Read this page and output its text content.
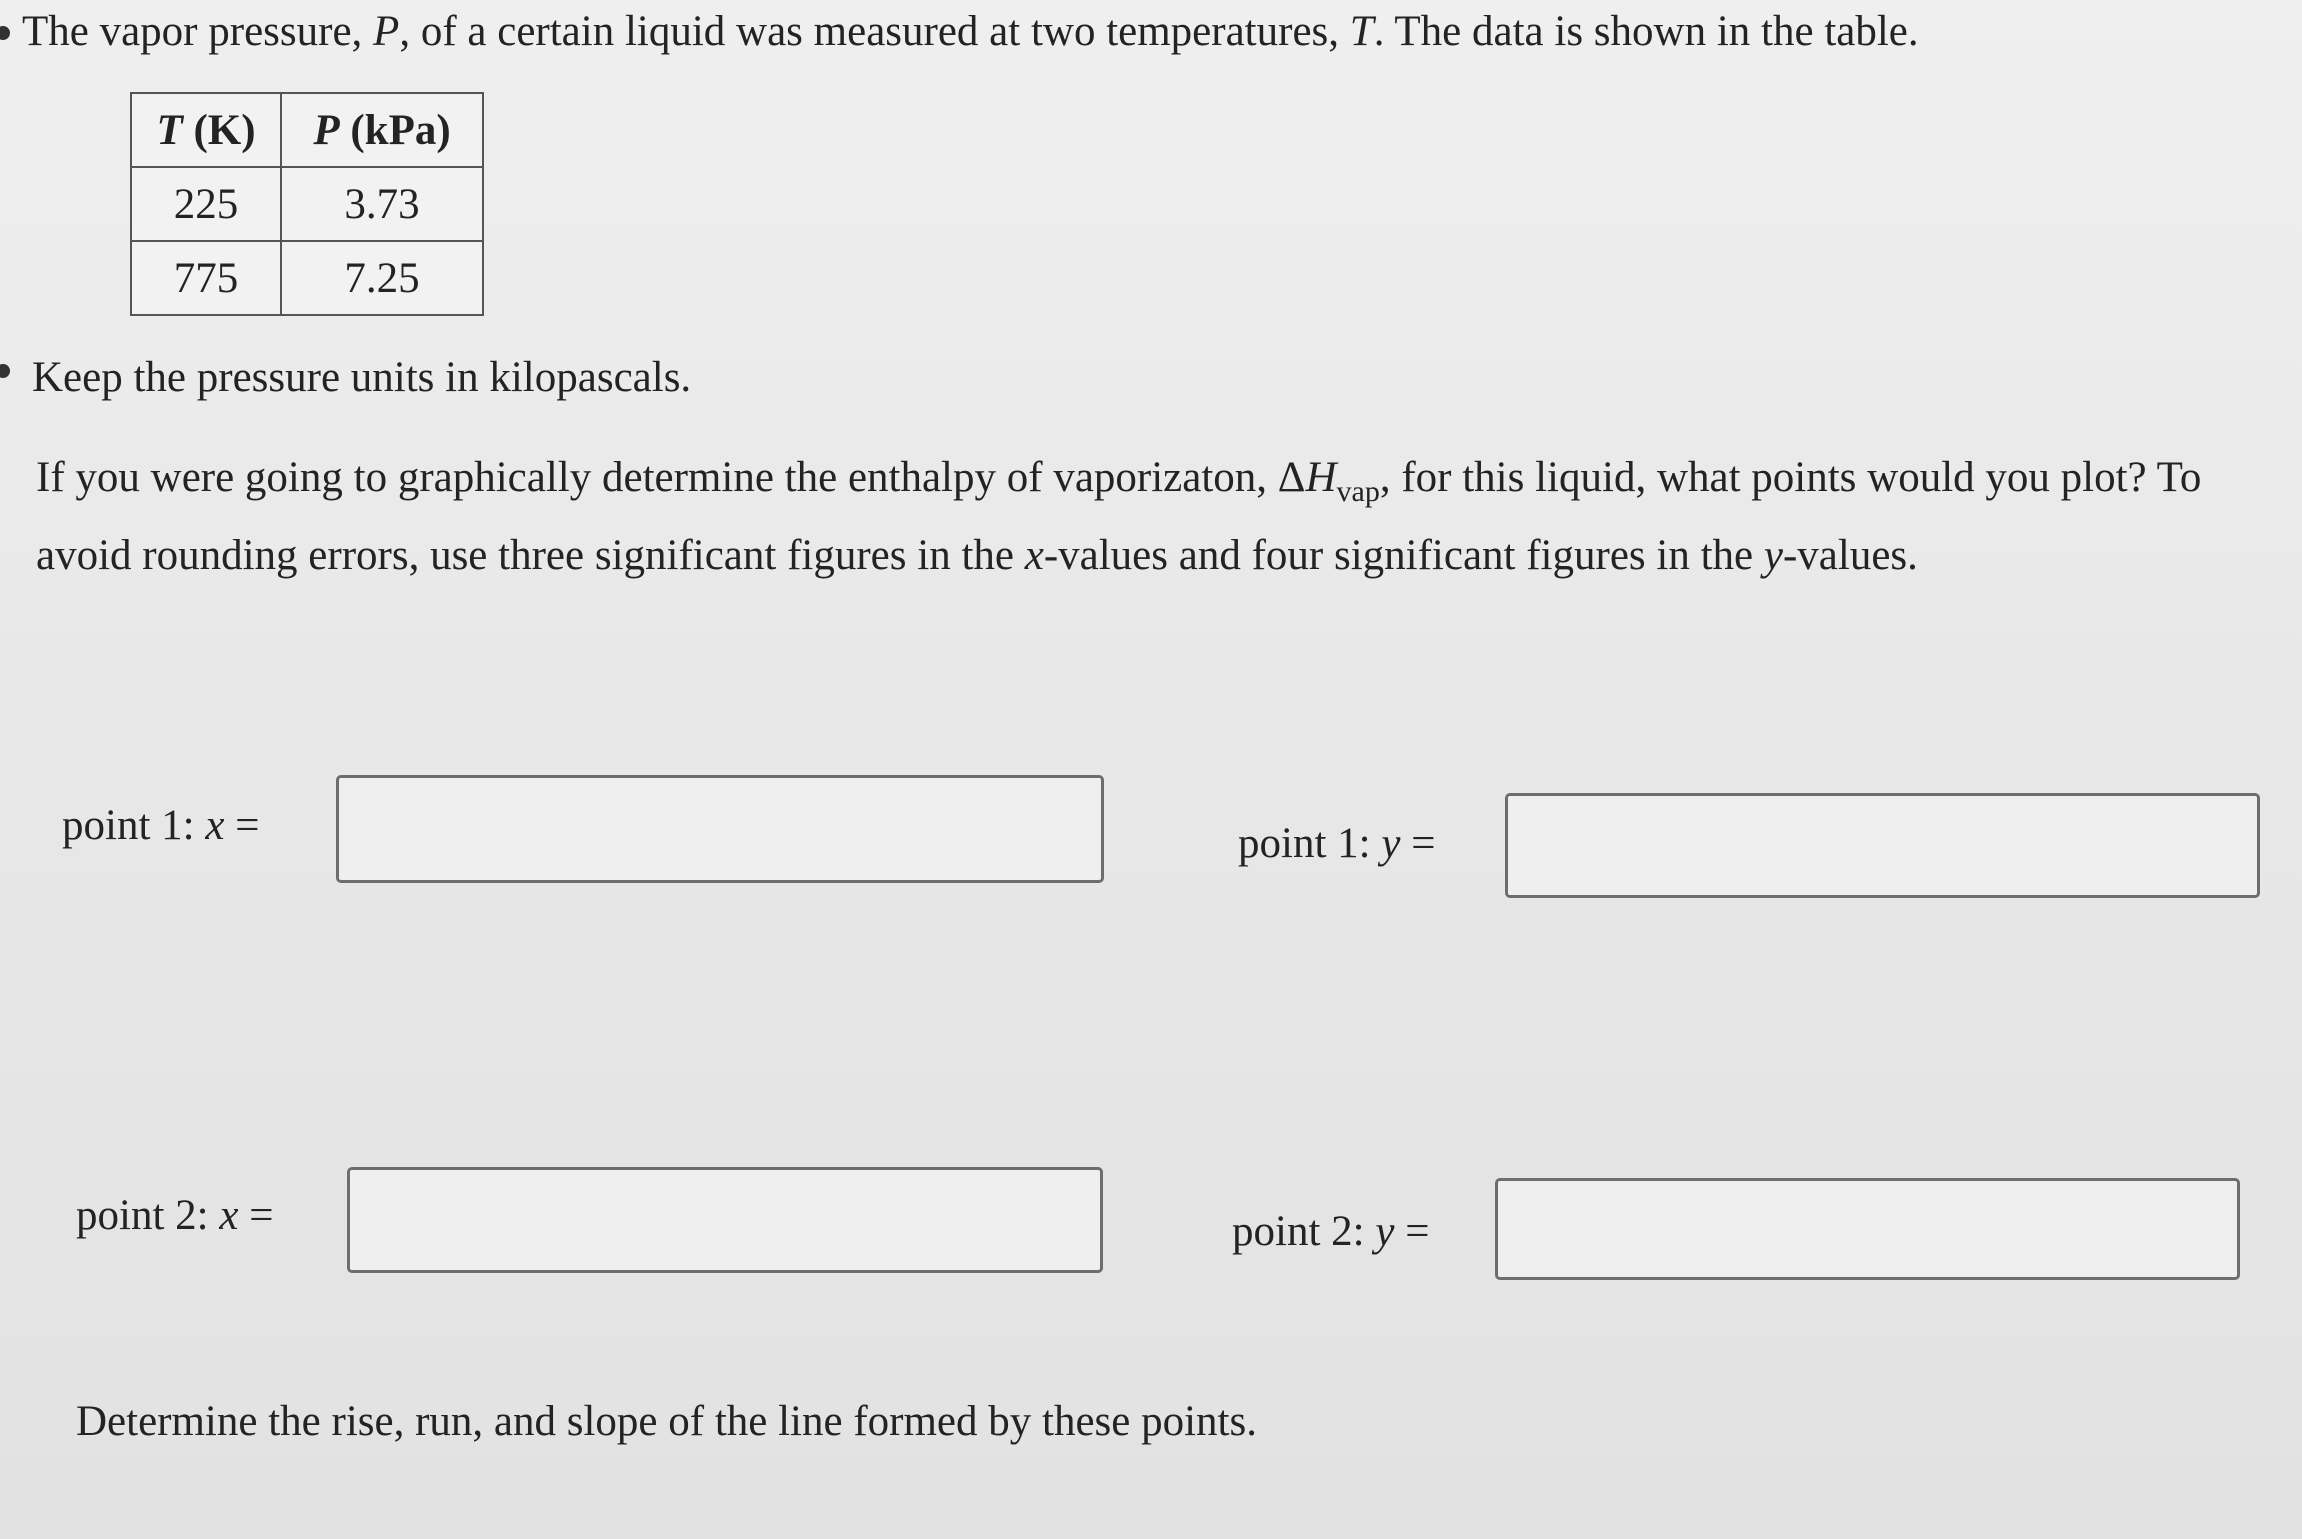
The vapor pressure, P, of a certain liquid was measured at two temperatures, T. The data is shown in the table.
T (K)	P (kPa)
225	3.73
775	7.25
Keep the pressure units in kilopascals.
If you were going to graphically determine the enthalpy of vaporizaton, $\Delta H_{vap}$, for this liquid, what points would you plot? To avoid rounding errors, use three significant figures in the x-values and four significant figures in the y-values.
point 1: x =	point 1: y =
point 2: x =	point 2: y =
Determine the rise, run, and slope of the line formed by these points.
